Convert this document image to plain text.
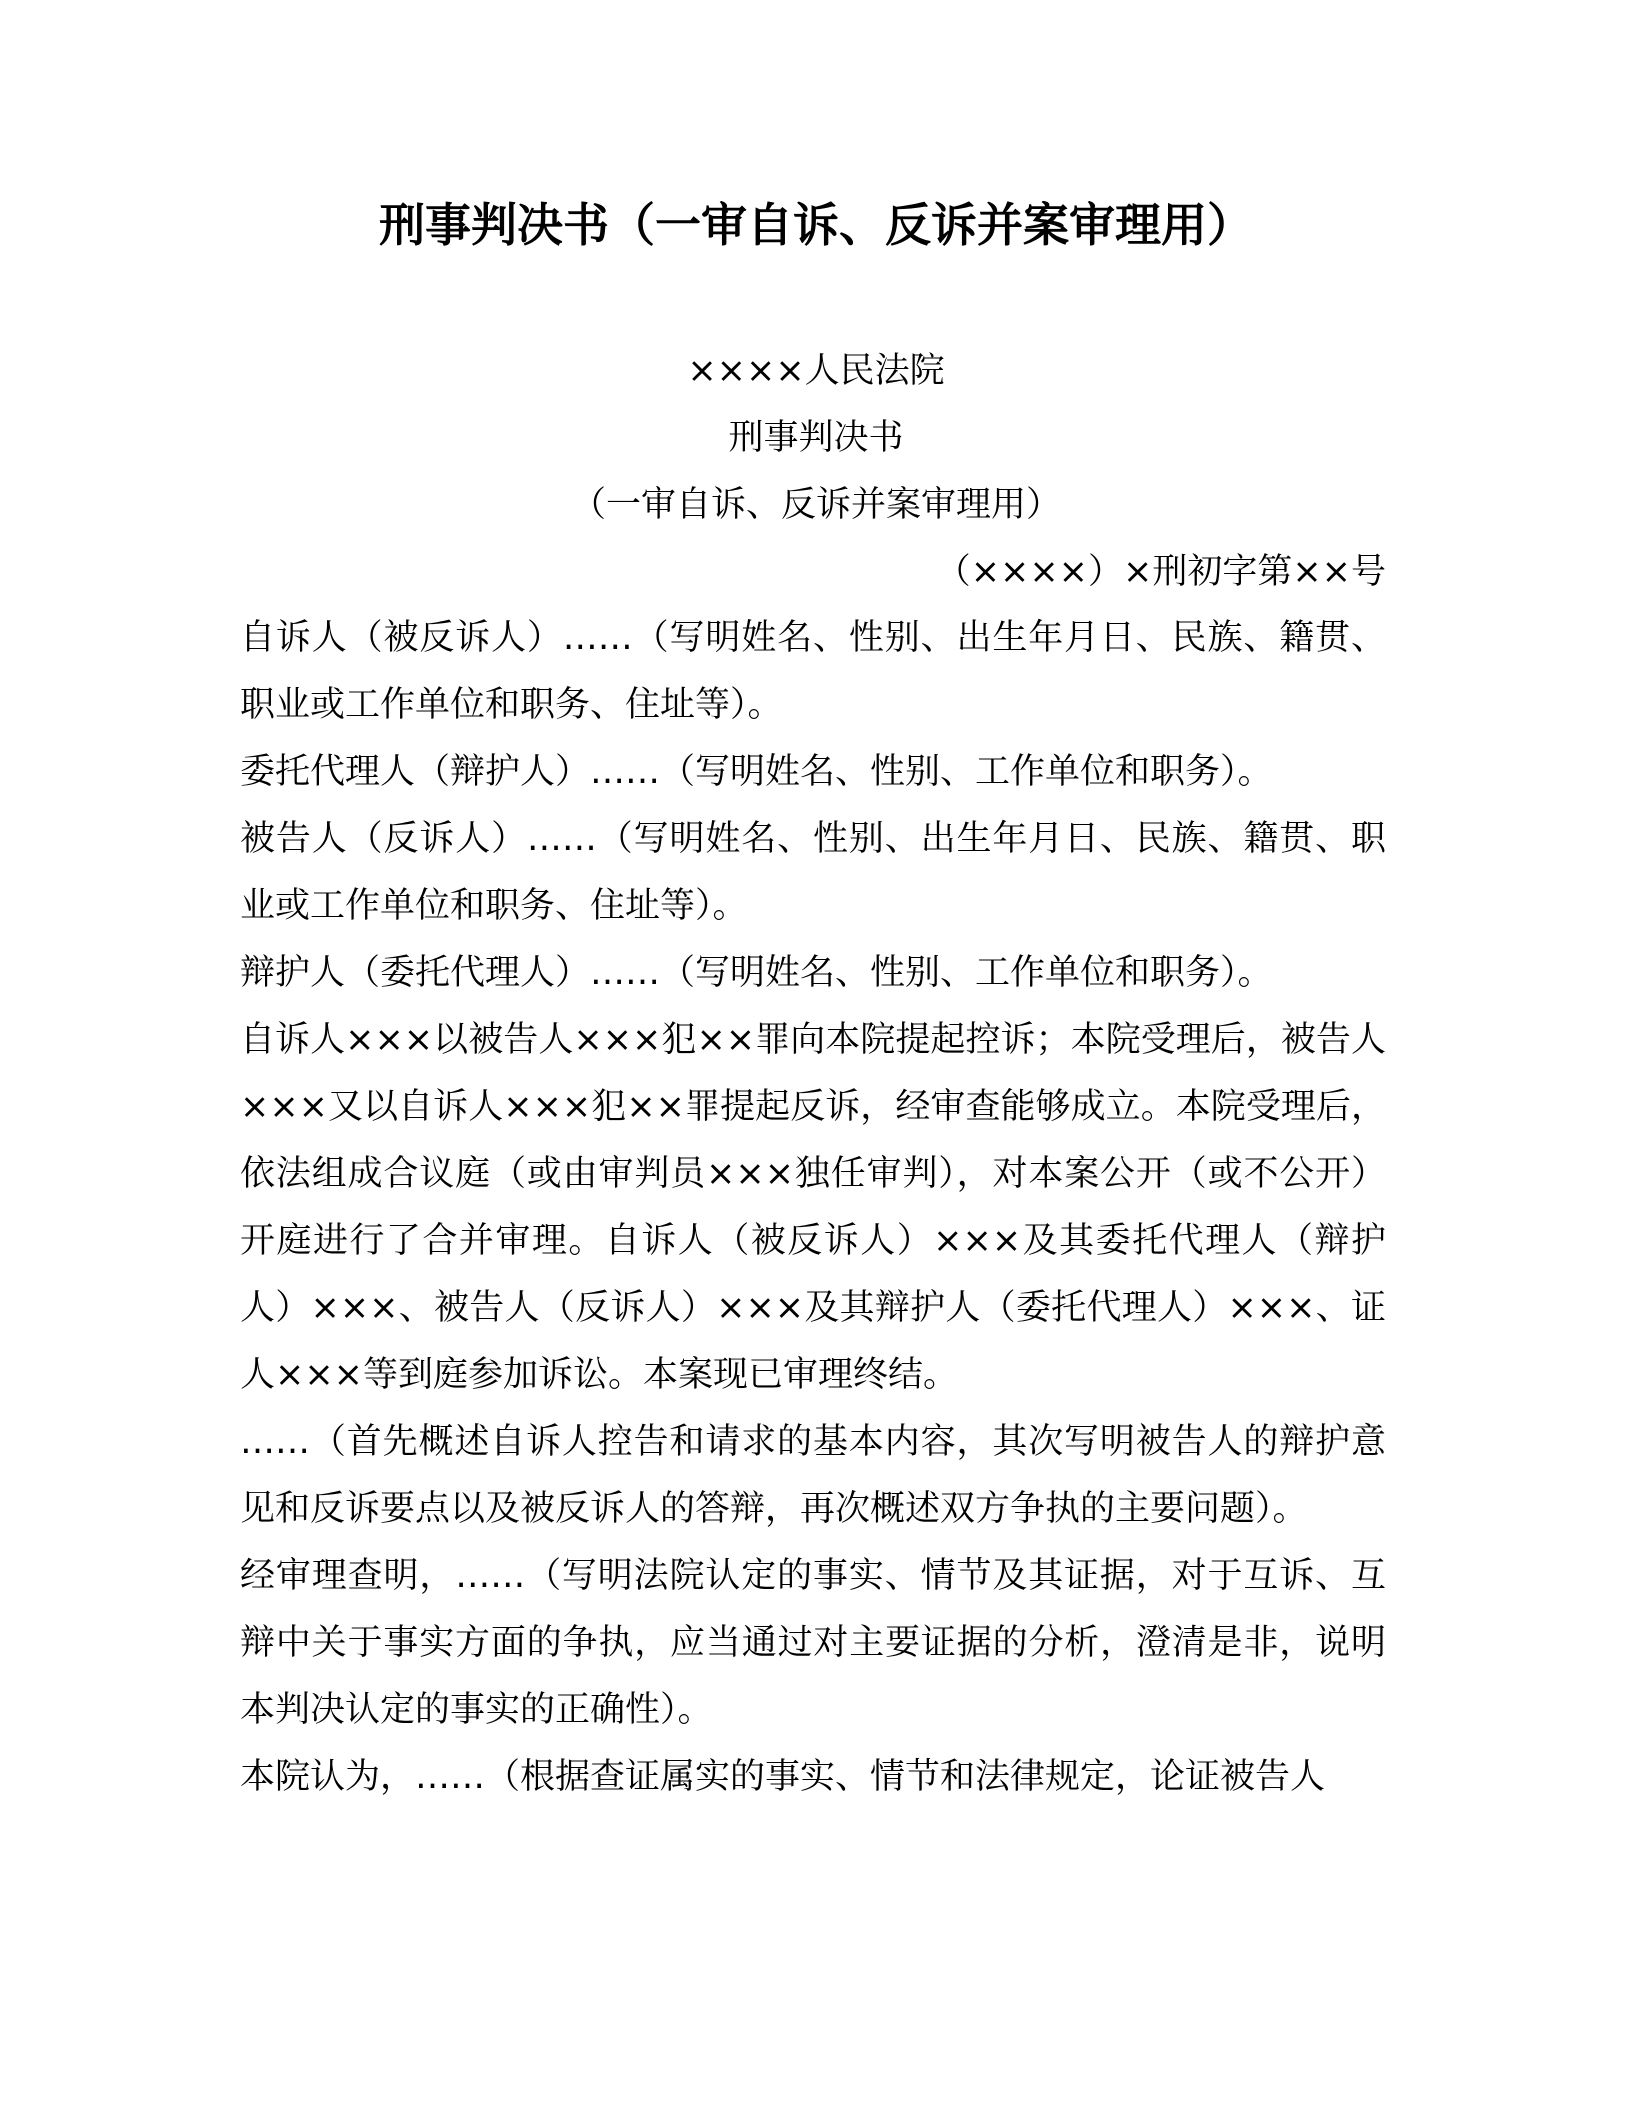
刑事判决书（一审自诉、反诉并案审理用）
××××人民法院
刑事判决书
（一审自诉、反诉并案审理用）
（××××）×刑初字第××号

自诉人（被反诉人）……（写明姓名、性别、出生年月日、民族、籍贯、职业或工作单位和职务、住址等）。

委托代理人（辩护人）……（写明姓名、性别、工作单位和职务）。

被告人（反诉人）……（写明姓名、性别、出生年月日、民族、籍贯、职业或工作单位和职务、住址等）。

辩护人（委托代理人）……（写明姓名、性别、工作单位和职务）。

自诉人×××以被告人×××犯××罪向本院提起控诉；本院受理后，被告人×××又以自诉人×××犯××罪提起反诉，经审查能够成立。本院受理后，依法组成合议庭（或由审判员×××独任审判），对本案公开（或不公开）开庭进行了合并审理。自诉人（被反诉人）×××及其委托代理人（辩护人）×××、被告人（反诉人）×××及其辩护人（委托代理人）×××、证人×××等到庭参加诉讼。本案现已审理终结。

……（首先概述自诉人控告和请求的基本内容，其次写明被告人的辩护意见和反诉要点以及被反诉人的答辩，再次概述双方争执的主要问题）。

经审理查明，……（写明法院认定的事实、情节及其证据，对于互诉、互辩中关于事实方面的争执，应当通过对主要证据的分析，澄清是非，说明本判决认定的事实的正确性）。

本院认为，……（根据查证属实的事实、情节和法律规定，论证被告人
